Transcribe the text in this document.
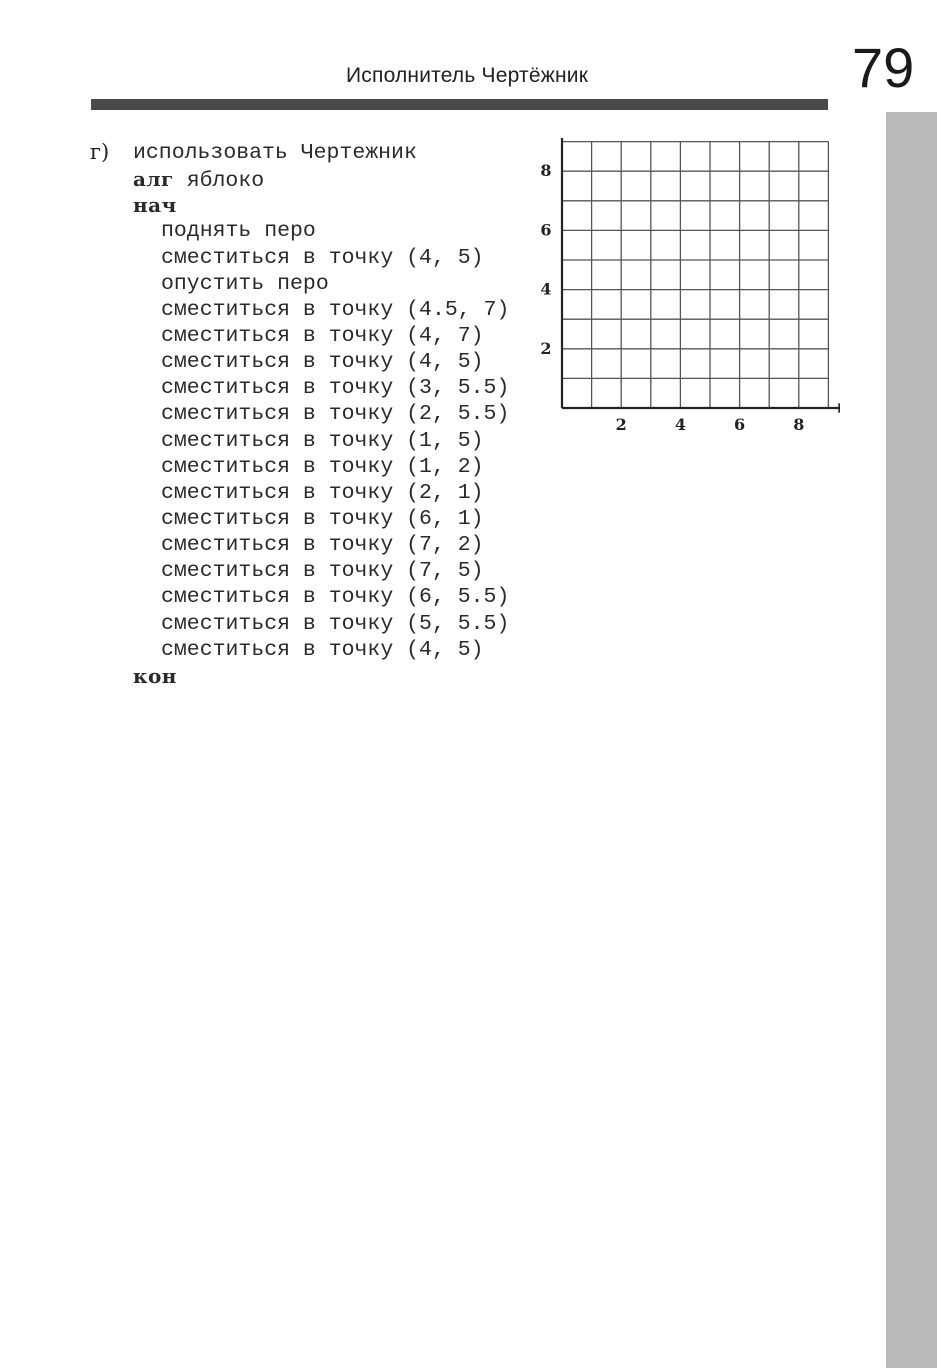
Исполнитель Чертёжник	79
г) использовать Чертежник
алг яблоко
нач
поднять перо
сместиться в точку (4, 5)
опустить перо
сместиться в точку (4.5, 7)
сместиться в точку (4, 7)
сместиться в точку (4, 5)
сместиться в точку (3, 5.5)
сместиться в точку (2, 5.5)
сместиться в точку (1, 5)
сместиться в точку (1, 2)
сместиться в точку (2, 1)
сместиться в точку (6, 1)
сместиться в точку (7, 2)
сместиться в точку (7, 5)
сместиться в точку (6, 5.5)
сместиться в точку (5, 5.5)
сместиться в точку (4, 5)
кон
2	4	6	8
2
4
6
8
